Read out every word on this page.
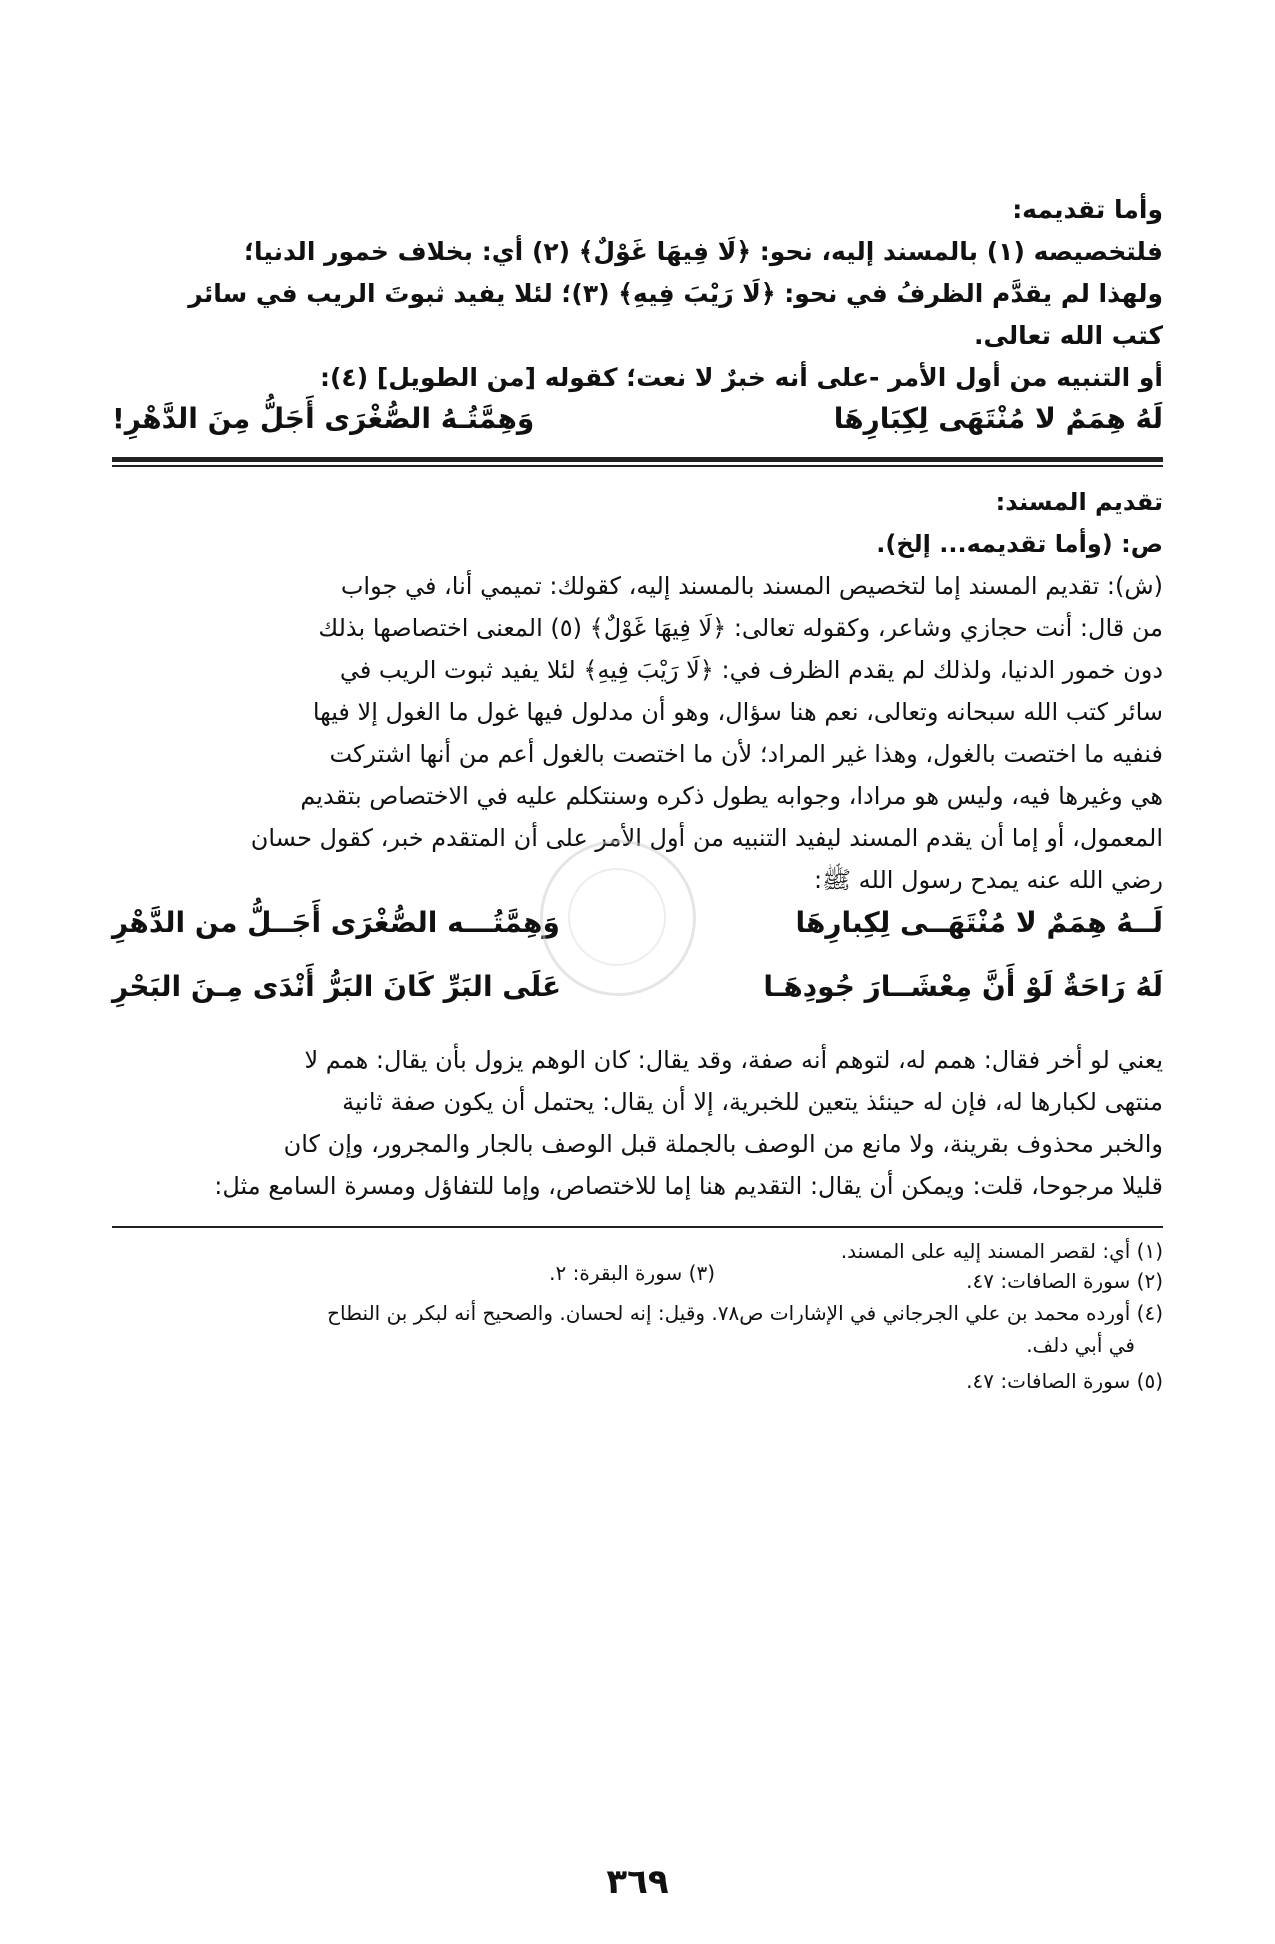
وأما تقديمه:
فلتخصيصه (١) بالمسند إليه، نحو: ﴿لَا فِيهَا غَوْلٌ﴾ (٢) أي: بخلاف خمور الدنيا؛
ولهذا لم يقدَّم الظرفُ في نحو: ﴿لَا رَيْبَ فِيهِ﴾ (٣)؛ لئلا يفيد ثبوتَ الريب في سائر
كتب الله تعالى.
أو التنبيه من أول الأمر -على أنه خبرٌ لا نعت؛ كقوله [من الطويل] (٤):
لَهُ هِمَمٌ لا مُنْتَهَى لِكِبَارِهَا
وَهِمَّتُـهُ الصُّغْرَى أَجَلُّ مِنَ الدَّهْرِ!
تقديم المسند:
ص: (وأما تقديمه... إلخ).
(ش): تقديم المسند إما لتخصيص المسند بالمسند إليه، كقولك: تميمي أنا، في جواب
من قال: أنت حجازي وشاعر، وكقوله تعالى: ﴿لَا فِيهَا غَوْلٌ﴾ (٥) المعنى اختصاصها بذلك
دون خمور الدنيا، ولذلك لم يقدم الظرف في: ﴿لَا رَيْبَ فِيهِ﴾ لئلا يفيد ثبوت الريب في
سائر كتب الله سبحانه وتعالى، نعم هنا سؤال، وهو أن مدلول فيها غول ما الغول إلا فيها
فنفيه ما اختصت بالغول، وهذا غير المراد؛ لأن ما اختصت بالغول أعم من أنها اشتركت
هي وغيرها فيه، وليس هو مرادا، وجوابه يطول ذكره وسنتكلم عليه في الاختصاص بتقديم
المعمول، أو إما أن يقدم المسند ليفيد التنبيه من أول الأمر على أن المتقدم خبر، كقول حسان
رضي الله عنه يمدح رسول الله ﷺ:
لَــهُ هِمَمٌ لا مُنْتَهَــى لِكِبارِهَا
وَهِمَّتُـــه الصُّغْرَى أَجَــلُّ من الدَّهْرِ
لَهُ رَاحَةٌ لَوْ أَنَّ مِعْشَــارَ جُودِهَـا
عَلَى البَرِّ كَانَ البَرُّ أَنْدَى مِـنَ البَحْرِ
يعني لو أخر فقال: همم له، لتوهم أنه صفة، وقد يقال: كان الوهم يزول بأن يقال: همم لا
منتهى لكبارها له، فإن له حينئذ يتعين للخبرية، إلا أن يقال: يحتمل أن يكون صفة ثانية
والخبر محذوف بقرينة، ولا مانع من الوصف بالجملة قبل الوصف بالجار والمجرور، وإن كان
قليلا مرجوحا، قلت: ويمكن أن يقال: التقديم هنا إما للاختصاص، وإما للتفاؤل ومسرة السامع مثل:
(١) أي: لقصر المسند إليه على المسند.
(٢) سورة الصافات: ٤٧.
(٣) سورة البقرة: ٢.
(٤) أورده محمد بن علي الجرجاني في الإشارات ص٧٨. وقيل: إنه لحسان. والصحيح أنه لبكر بن النطاح
في أبي دلف.
(٥) سورة الصافات: ٤٧.
٣٦٩
